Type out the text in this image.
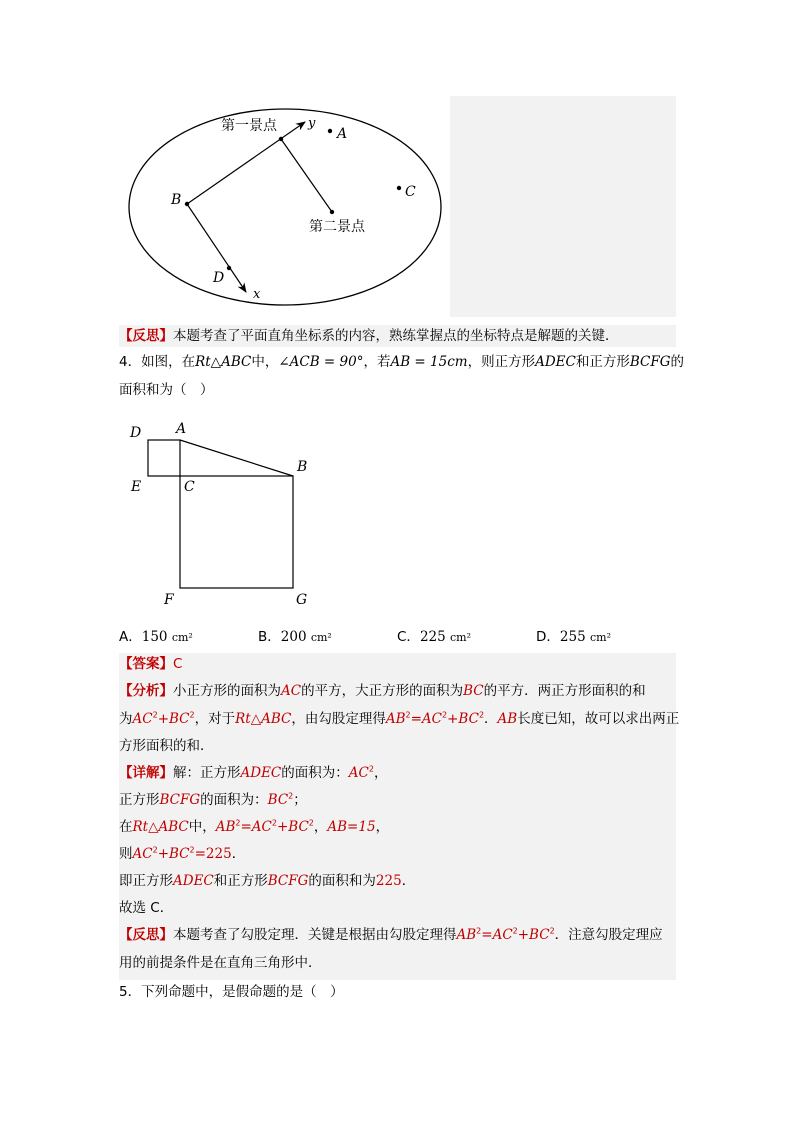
第一景点
第二景点
y
x
A
B	C
D
【反思】本题考查了平面直角坐标系的内容，熟练掌握点的坐标特点是解题的关键．
4．如图，在Rt△ABC中，∠ACB = 90°，若AB = 15cm，则正方形ADEC和正方形BCFG的
面积和为（　）
D A
B
E	C
F	G
A．150 cm²	B．200 cm²	C．225 cm²	D．255 cm²
【答案】C
【分析】小正方形的面积为AC的平方，大正方形的面积为BC的平方．两正方形面积的和
为$AC^2+BC^2$，对于Rt△ABC，由勾股定理得$AB^2=AC^2+BC^2$．AB长度已知，故可以求出两正
方形面积的和．
【详解】解：正方形ADEC的面积为：$AC^2$，
正方形BCFG的面积为：$BC^2$；
在Rt△ABC中，$AB^2=AC^2+BC^2$，AB=15，
则$AC^2+BC^2=225$．
即正方形ADEC和正方形BCFG的面积和为225．
故选 C．
【反思】本题考查了勾股定理．关键是根据由勾股定理得$AB^2=AC^2+BC^2$．注意勾股定理应
用的前提条件是在直角三角形中．
5．下列命题中，是假命题的是（　）
